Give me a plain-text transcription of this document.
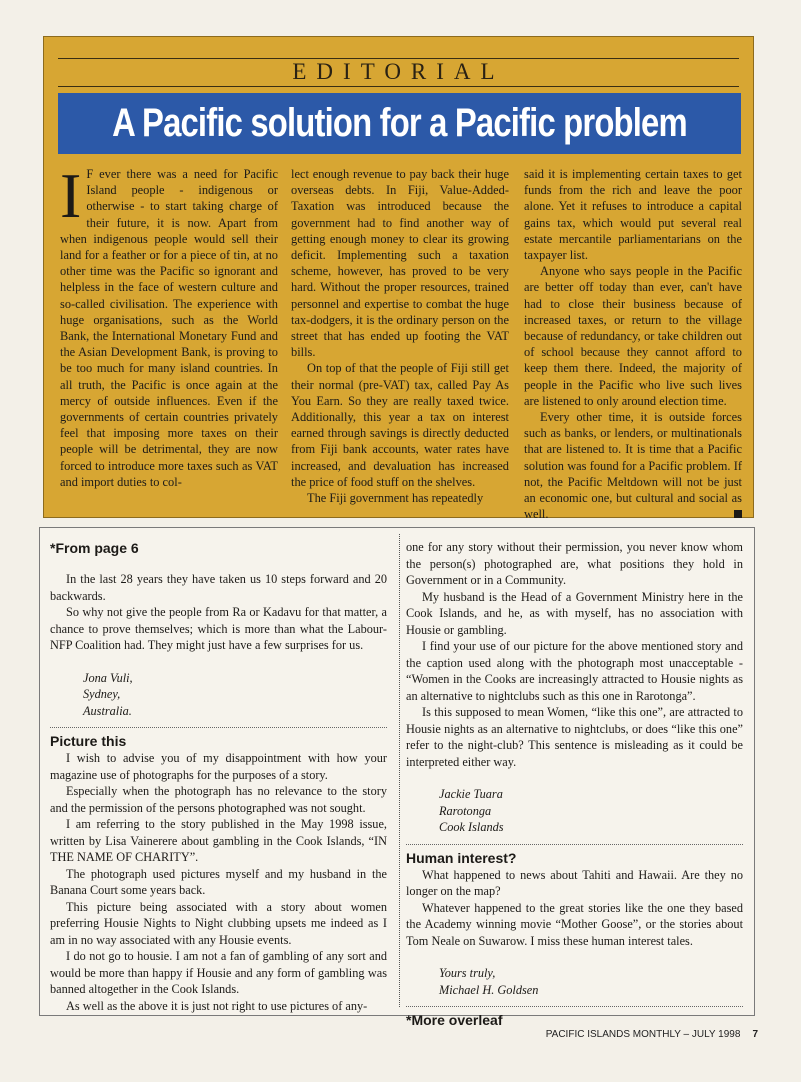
EDITORIAL
A Pacific solution for a Pacific problem

I F ever there was a need for Pacific Island people - indigenous or otherwise - to start taking charge of their future, it is now. Apart from when indigenous people would sell their land for a feather or for a piece of tin, at no other time was the Pacific so ignorant and helpless in the face of western culture and so-called civilisation. The experience with huge organisations, such as the World Bank, the International Monetary Fund and the Asian Development Bank, is proving to be too much for many island countries. In all truth, the Pacific is once again at the mercy of outside influences. Even if the governments of certain countries privately feel that imposing more taxes on their people will be detrimental, they are now forced to introduce more taxes such as VAT and import duties to col-

lect enough revenue to pay back their huge overseas debts. In Fiji, Value-Added-Taxation was introduced because the government had to find another way of getting enough money to clear its growing deficit. Implementing such a taxation scheme, however, has proved to be very hard. Without the proper resources, trained personnel and expertise to combat the huge tax-dodgers, it is the ordinary person on the street that has ended up footing the VAT bills.

On top of that the people of Fiji still get their normal (pre-VAT) tax, called Pay As You Earn. So they are really taxed twice. Additionally, this year a tax on interest earned through savings is directly deducted from Fiji bank accounts, water rates have increased, and devaluation has increased the price of food stuff on the shelves.

The Fiji government has repeatedly

said it is implementing certain taxes to get funds from the rich and leave the poor alone. Yet it refuses to introduce a capital gains tax, which would put several real estate mercantile parliamentarians on the taxpayer list.

Anyone who says people in the Pacific are better off today than ever, can't have had to close their business because of increased taxes, or return to the village because of redundancy, or take children out of school because they cannot afford to keep them there. Indeed, the majority of people in the Pacific who live such lives are listened to only around election time.

Every other time, it is outside forces such as banks, or lenders, or multinationals that are listened to. It is time that a Pacific solution was found for a Pacific problem. If not, the Pacific Meltdown will not be just an economic one, but cultural and social as well.

*From page 6

In the last 28 years they have taken us 10 steps forward and 20 backwards.

So why not give the people from Ra or Kadavu for that matter, a chance to prove themselves; which is more than what the Labour-NFP Coalition had. They might just have a few surprises for us.

Jona Vuli,

Sydney,

Australia.

Picture this

I wish to advise you of my disappointment with how your magazine use of photographs for the purposes of a story.

Especially when the photograph has no relevance to the story and the permission of the persons photographed was not sought.

I am referring to the story published in the May 1998 issue, written by Lisa Vainerere about gambling in the Cook Islands, “IN THE NAME OF CHARITY”.

The photograph used pictures myself and my husband in the Banana Court some years back.

This picture being associated with a story about women preferring Housie Nights to Night clubbing upsets me indeed as I am in no way associated with any Housie events.

I do not go to housie. I am not a fan of gambling of any sort and would be more than happy if Housie and any form of gambling was banned altogether in the Cook Islands.

As well as the above it is just not right to use pictures of any-

one for any story without their permission, you never know whom the person(s) photographed are, what positions they hold in Government or in a Community.

My husband is the Head of a Government Ministry here in the Cook Islands, and he, as with myself, has no association with Housie or gambling.

I find your use of our picture for the above mentioned story and the caption used along with the photograph most unacceptable - “Women in the Cooks are increasingly attracted to Housie nights as an alternative to nightclubs such as this one in Rarotonga”.

Is this supposed to mean Women, “like this one”, are attracted to Housie nights as an alternative to nightclubs, or does “like this one” refer to the night-club? This sentence is misleading as it could be interpreted either way.

Jackie Tuara

Rarotonga

Cook Islands

Human interest?

What happened to news about Tahiti and Hawaii. Are they no longer on the map?

Whatever happened to the great stories like the one they based the Academy winning movie “Mother Goose”, or the stories about Tom Neale on Suwarow. I miss these human interest tales.

Yours truly,

Michael H. Goldsen

*More overleaf
PACIFIC ISLANDS MONTHLY – JULY 1998 7
